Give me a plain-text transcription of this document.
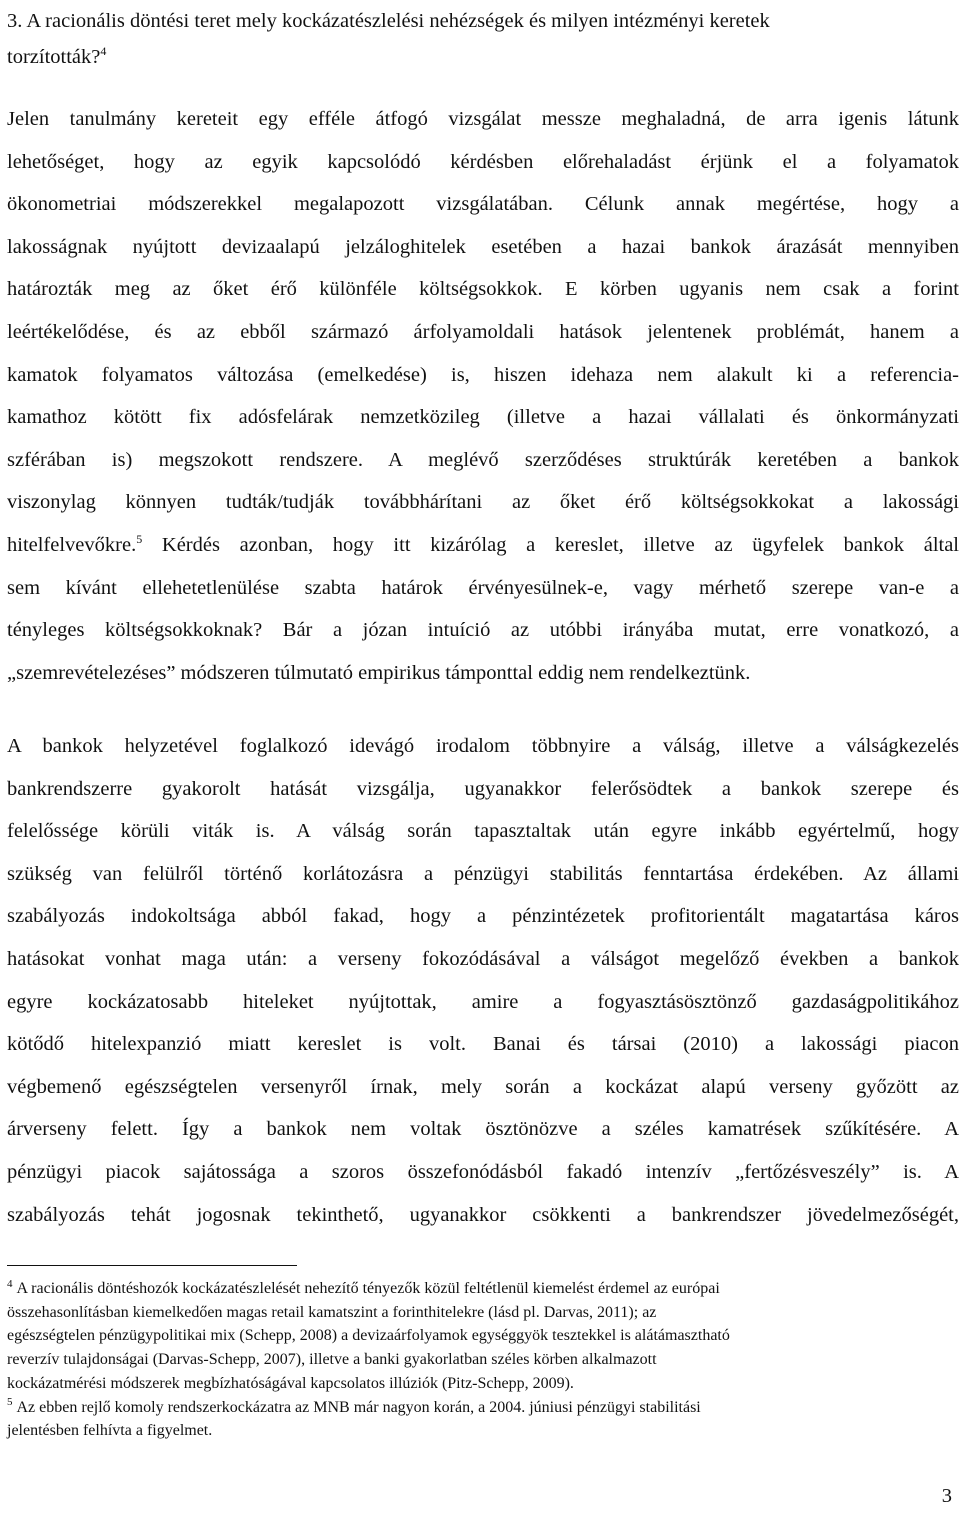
3. A racionális döntési teret mely kockázatészlelési nehézségek és milyen intézményi keretek
torzították?$^4$
Jelen tanulmány kereteit egy efféle átfogó vizsgálat messze meghaladná, de arra igenis látunk
lehetőséget, hogy az egyik kapcsolódó kérdésben előrehaladást érjünk el a folyamatok
ökonometriai módszerekkel megalapozott vizsgálatában. Célunk annak megértése, hogy a
lakosságnak nyújtott devizaalapú jelzáloghitelek esetében a hazai bankok árazását mennyiben
határozták meg az őket érő különféle költségsokkok. E körben ugyanis nem csak a forint
leértékelődése, és az ebből származó árfolyamoldali hatások jelentenek problémát, hanem a
kamatok folyamatos változása (emelkedése) is, hiszen idehaza nem alakult ki a referencia-
kamathoz kötött fix adósfelárak nemzetközileg (illetve a hazai vállalati és önkormányzati
szférában is) megszokott rendszere. A meglévő szerződéses struktúrák keretében a bankok
viszonylag könnyen tudták/tudják továbbhárítani az őket érő költségsokkokat a lakossági
hitelfelvevőkre.$^5$ Kérdés azonban, hogy itt kizárólag a kereslet, illetve az ügyfelek bankok által
sem kívánt ellehetetlenülése szabta határok érvényesülnek-e, vagy mérhető szerepe van-e a
tényleges költségsokkoknak? Bár a józan intuíció az utóbbi irányába mutat, erre vonatkozó, a
„szemrevételezéses” módszeren túlmutató empirikus támponttal eddig nem rendelkeztünk.
A bankok helyzetével foglalkozó idevágó irodalom többnyire a válság, illetve a válságkezelés
bankrendszerre gyakorolt hatását vizsgálja, ugyanakkor felerősödtek a bankok szerepe és
felelőssége körüli viták is. A válság során tapasztaltak után egyre inkább egyértelmű, hogy
szükség van felülről történő korlátozásra a pénzügyi stabilitás fenntartása érdekében. Az állami
szabályozás indokoltsága abból fakad, hogy a pénzintézetek profitorientált magatartása káros
hatásokat vonhat maga után: a verseny fokozódásával a válságot megelőző években a bankok
egyre kockázatosabb hiteleket nyújtottak, amire a fogyasztásösztönző gazdaságpolitikához
kötődő hitelexpanzió miatt kereslet is volt. Banai és társai (2010) a lakossági piacon
végbemenő egészségtelen versenyről írnak, mely során a kockázat alapú verseny győzött az
árverseny felett. Így a bankok nem voltak ösztönözve a széles kamatrések szűkítésére. A
pénzügyi piacok sajátossága a szoros összefonódásból fakadó intenzív „fertőzésveszély” is. A
szabályozás tehát jogosnak tekinthető, ugyanakkor csökkenti a bankrendszer jövedelmezőségét,
$^4$ A racionális döntéshozók kockázatészlelését nehezítő tényezők közül feltétlenül kiemelést érdemel az európai
összehasonlításban kiemelkedően magas retail kamatszint a forinthitelekre (lásd pl. Darvas, 2011); az
egészségtelen pénzügypolitikai mix (Schepp, 2008) a devizaárfolyamok egységgyök tesztekkel is alátámasztható
reverzív tulajdonságai (Darvas-Schepp, 2007), illetve a banki gyakorlatban széles körben alkalmazott
kockázatmérési módszerek megbízhatóságával kapcsolatos illúziók (Pitz-Schepp, 2009).
$^5$ Az ebben rejlő komoly rendszerkockázatra az MNB már nagyon korán, a 2004. júniusi pénzügyi stabilitási
jelentésben felhívta a figyelmet.
3
